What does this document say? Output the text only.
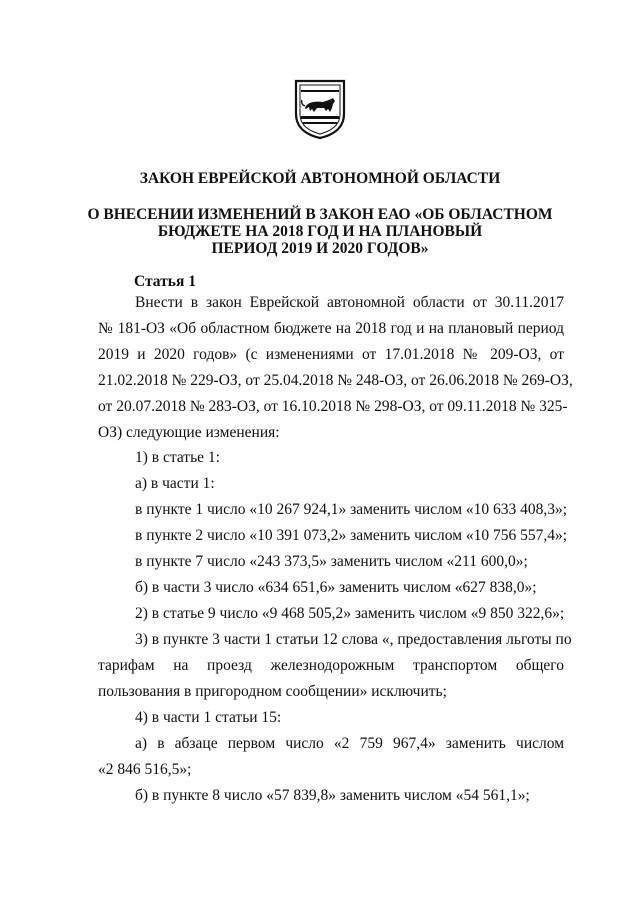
ЗАКОН ЕВРЕЙСКОЙ АВТОНОМНОЙ ОБЛАСТИ
О ВНЕСЕНИИ ИЗМЕНЕНИЙ В ЗАКОН ЕАО «ОБ ОБЛАСТНОМ
БЮДЖЕТЕ НА 2018 ГОД И НА ПЛАНОВЫЙ
ПЕРИОД 2019 И 2020 ГОДОВ»
Статья 1
Внести в закон Еврейской автономной области от 30.11.2017
№ 181-ОЗ «Об областном бюджете на 2018 год и на плановый период
2019 и 2020 годов» (с изменениями от 17.01.2018 № 209-ОЗ, от
21.02.2018 № 229-ОЗ, от 25.04.2018 № 248-ОЗ, от 26.06.2018 № 269-ОЗ,
от 20.07.2018 № 283-ОЗ, от 16.10.2018 № 298-ОЗ, от 09.11.2018 № 325-
ОЗ) следующие изменения:
1) в статье 1:
а) в части 1:
в пункте 1 число «10 267 924,1» заменить числом «10 633 408,3»;
в пункте 2 число «10 391 073,2» заменить числом «10 756 557,4»;
в пункте 7 число «243 373,5» заменить числом «211 600,0»;
б) в части 3 число «634 651,6» заменить числом «627 838,0»;
2) в статье 9 число «9 468 505,2» заменить числом «9 850 322,6»;
3) в пункте 3 части 1 статьи 12 слова «, предоставления льготы по
тарифам на проезд железнодорожным транспортом общего
пользования в пригородном сообщении» исключить;
4) в части 1 статьи 15:
а) в абзаце первом число «2 759 967,4» заменить числом
«2 846 516,5»;
б) в пункте 8 число «57 839,8» заменить числом «54 561,1»;
